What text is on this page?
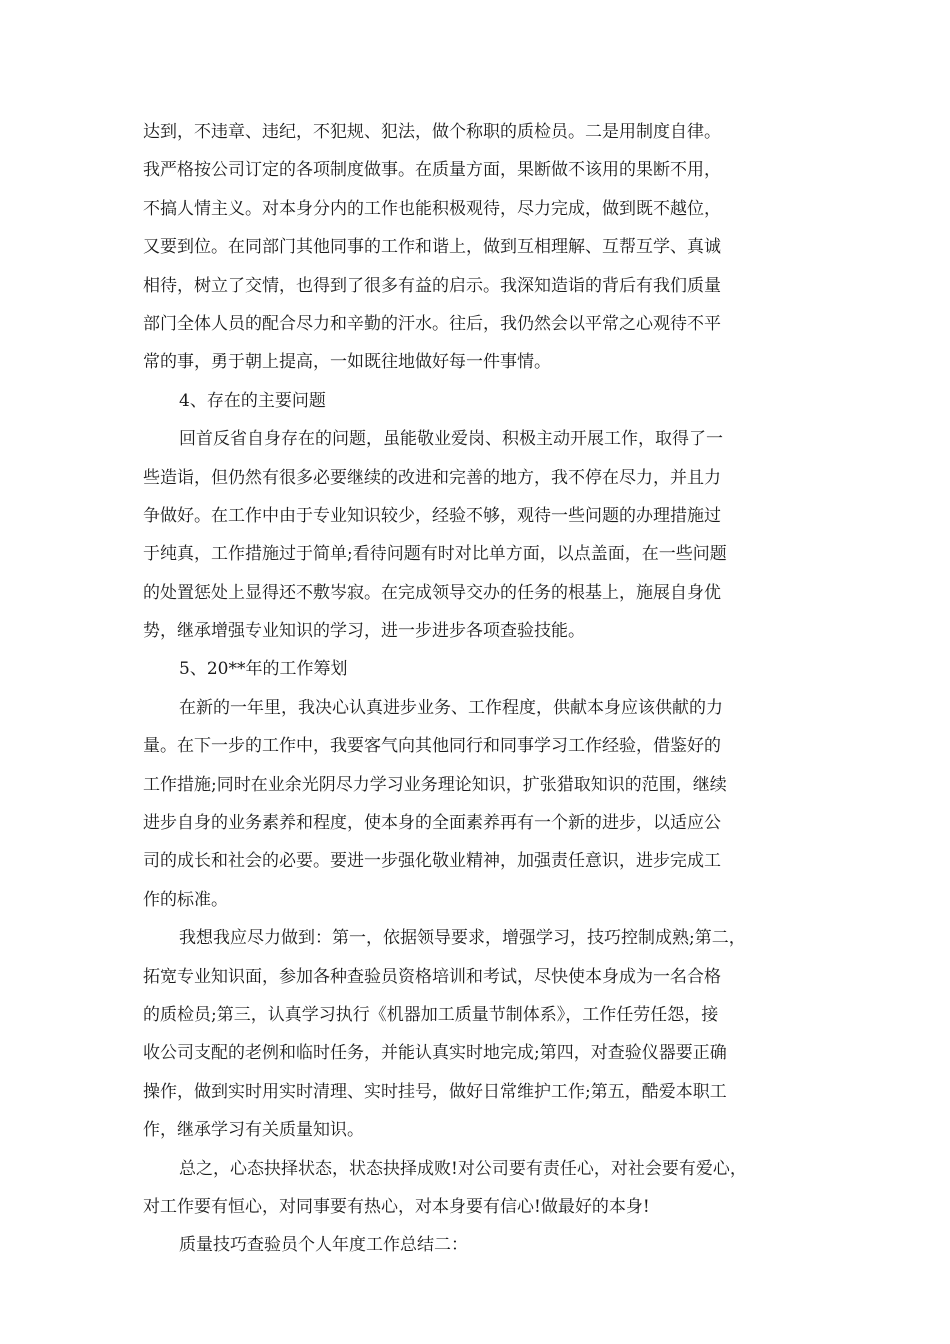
达到，不违章、违纪，不犯规、犯法，做个称职的质检员。二是用制度自律。
我严格按公司订定的各项制度做事。在质量方面，果断做不该用的果断不用，
不搞人情主义。对本身分内的工作也能积极观待，尽力完成，做到既不越位，
又要到位。在同部门其他同事的工作和谐上，做到互相理解、互帮互学、真诚
相待，树立了交情，也得到了很多有益的启示。我深知造诣的背后有我们质量
部门全体人员的配合尽力和辛勤的汗水。往后，我仍然会以平常之心观待不平
常的事，勇于朝上提高，一如既往地做好每一件事情。
4、存在的主要问题
回首反省自身存在的问题，虽能敬业爱岗、积极主动开展工作，取得了一
些造诣，但仍然有很多必要继续的改进和完善的地方，我不停在尽力，并且力
争做好。在工作中由于专业知识较少，经验不够，观待一些问题的办理措施过
于纯真，工作措施过于简单;看待问题有时对比单方面，以点盖面，在一些问题
的处置惩处上显得还不敷岑寂。在完成领导交办的任务的根基上，施展自身优
势，继承增强专业知识的学习，进一步进步各项查验技能。
5、20**年的工作筹划
在新的一年里，我决心认真进步业务、工作程度，供献本身应该供献的力
量。在下一步的工作中，我要客气向其他同行和同事学习工作经验，借鉴好的
工作措施;同时在业余光阴尽力学习业务理论知识，扩张猎取知识的范围，继续
进步自身的业务素养和程度，使本身的全面素养再有一个新的进步，以适应公
司的成长和社会的必要。要进一步强化敬业精神，加强责任意识，进步完成工
作的标准。
我想我应尽力做到：第一，依据领导要求，增强学习，技巧控制成熟;第二，
拓宽专业知识面，参加各种查验员资格培训和考试，尽快使本身成为一名合格
的质检员;第三，认真学习执行《机器加工质量节制体系》，工作任劳任怨，接
收公司支配的老例和临时任务，并能认真实时地完成;第四，对查验仪器要正确
操作，做到实时用实时清理、实时挂号，做好日常维护工作;第五，酷爱本职工
作，继承学习有关质量知识。
总之，心态抉择状态，状态抉择成败!对公司要有责任心，对社会要有爱心，
对工作要有恒心，对同事要有热心，对本身要有信心!做最好的本身!
质量技巧查验员个人年度工作总结二：
